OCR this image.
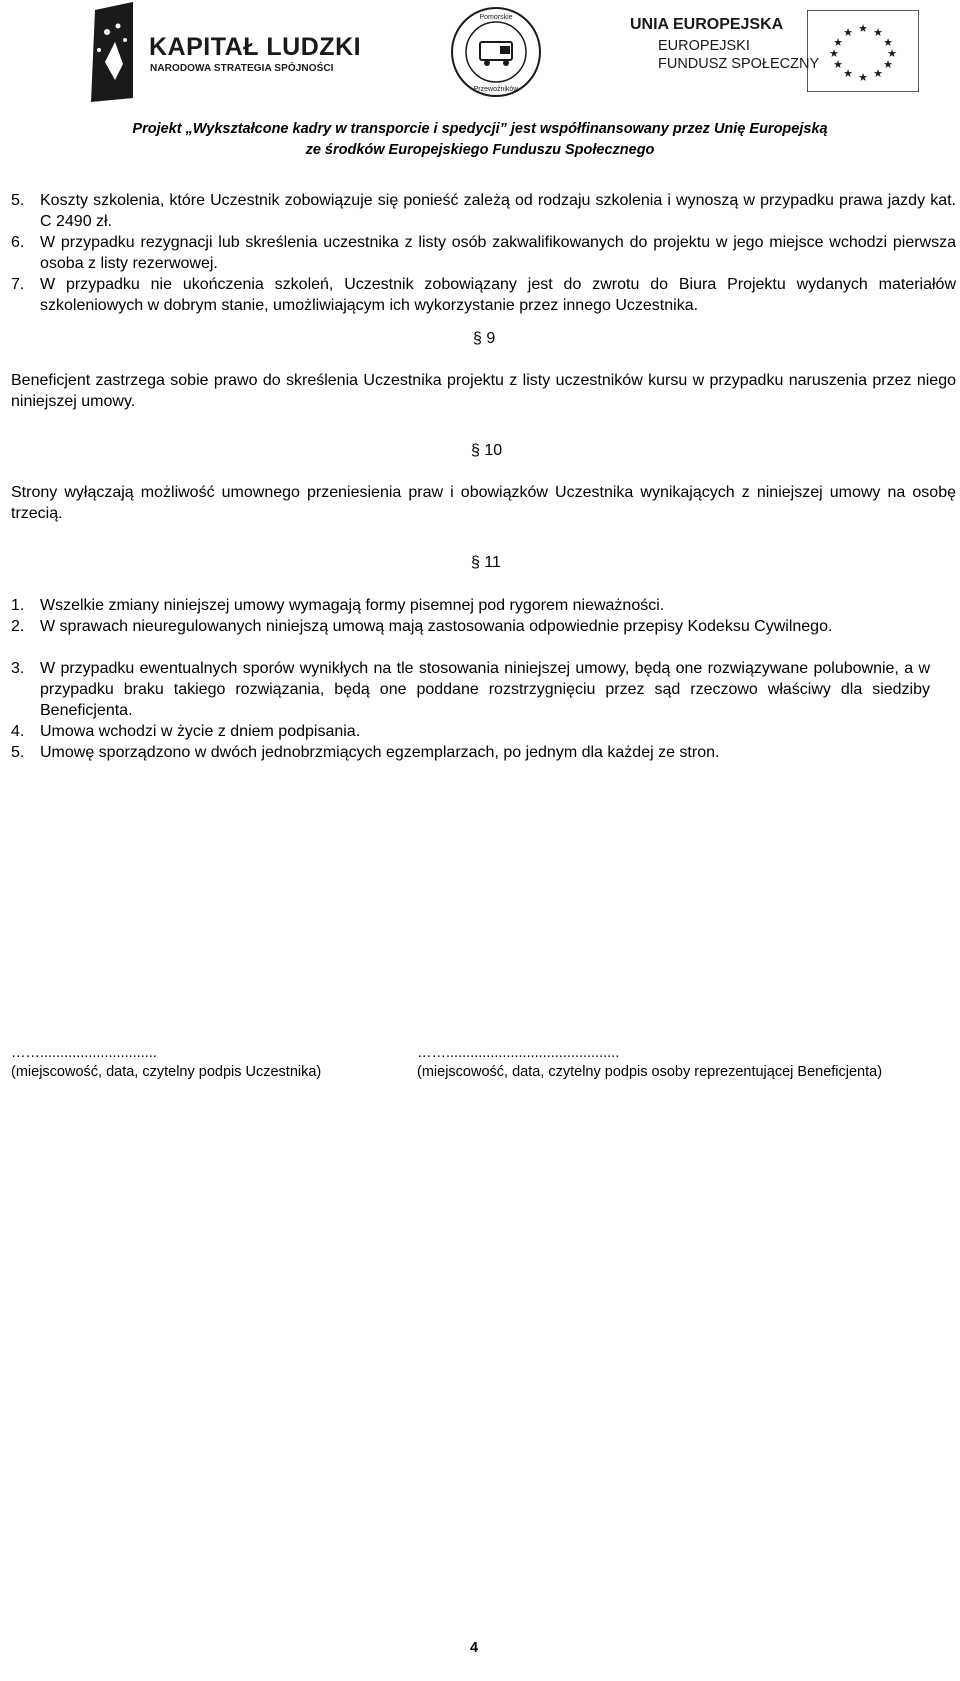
KAPITAŁ LUDZKI
NARODOWA STRATEGIA SPÓJNOŚCI
Pomorskie
Przewoźników
UNIA EUROPEJSKA
EUROPEJSKI
FUNDUSZ SPOŁECZNY
★ ★
★
★
★
★
★
★
★
★
★
★
Projekt „Wykształcone kadry w transporcie i spedycji” jest współfinansowany przez Unię Europejską
ze środków Europejskiego Funduszu Społecznego
5. Koszty szkolenia, które Uczestnik zobowiązuje się ponieść zależą od rodzaju szkolenia i wynoszą w przypadku prawa jazdy kat. C 2490 zł.
6. W przypadku rezygnacji lub skreślenia uczestnika z listy osób zakwalifikowanych do projektu w jego miejsce wchodzi pierwsza osoba z listy rezerwowej.
7. W przypadku nie ukończenia szkoleń, Uczestnik zobowiązany jest do zwrotu do Biura Projektu wydanych materiałów szkoleniowych w dobrym stanie, umożliwiającym ich wykorzystanie przez innego Uczestnika.
§ 9
Beneficjent zastrzega sobie prawo do skreślenia Uczestnika projektu z listy uczestników kursu w przypadku naruszenia przez niego niniejszej umowy.
§ 10
Strony wyłączają możliwość umownego przeniesienia praw i obowiązków Uczestnika wynikających z niniejszej umowy na osobę trzecią.
§ 11
1. Wszelkie zmiany niniejszej umowy wymagają formy pisemnej pod rygorem nieważności.
2. W sprawach nieuregulowanych niniejszą umową mają zastosowania odpowiednie przepisy Kodeksu Cywilnego.
3. W przypadku ewentualnych sporów wynikłych na tle stosowania niniejszej umowy, będą one rozwiązywane polubownie, a w przypadku braku takiego rozwiązania, będą one poddane rozstrzygnięciu przez sąd rzeczowo właściwy dla siedziby Beneficjenta.
4. Umowa wchodzi w życie z dniem podpisania.
5. Umowę sporządzono w dwóch jednobrzmiących egzemplarzach, po jednym dla każdej ze stron.
…….............................
(miejscowość, data, czytelny podpis Uczestnika)
……...........................................
(miejscowość, data, czytelny podpis osoby reprezentującej Beneficjenta)
4
